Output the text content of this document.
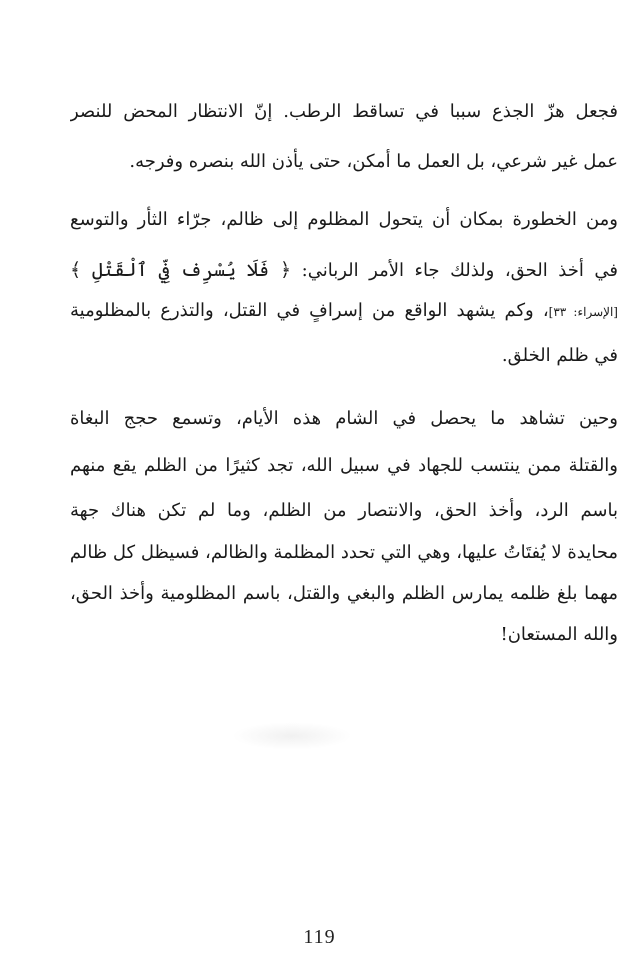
فجعل هزّ الجذع سببا في تساقط الرطب. إنّ الانتظار المحض للنصر
عمل غير شرعي، بل العمل ما أمكن، حتى يأذن الله بنصره وفرجه.
ومن الخطورة بمكان أن يتحول المظلوم إلى ظالم، جرّاء الثأر والتوسع
في أخذ الحق، ولذلك جاء الأمر الرباني: ﴿ فَلَا يُسْرِف فِّي ٱلْقَتْلِ ﴾
[الإسراء: ٣٣]، وكم يشهد الواقع من إسرافٍ في القتل، والتذرع بالمظلومية
في ظلم الخلق.
وحين تشاهد ما يحصل في الشام هذه الأيام، وتسمع حجج البغاة
والقتلة ممن ينتسب للجهاد في سبيل الله، تجد كثيرًا من الظلم يقع منهم
باسم الرد، وأخذ الحق، والانتصار من الظلم، وما لم تكن هناك جهة
محايدة لا يُفتَاتُ عليها، وهي التي تحدد المظلمة والظالم، فسيظل كل ظالم
مهما بلغ ظلمه يمارس الظلم والبغي والقتل، باسم المظلومية وأخذ الحق،
والله المستعان!
119
